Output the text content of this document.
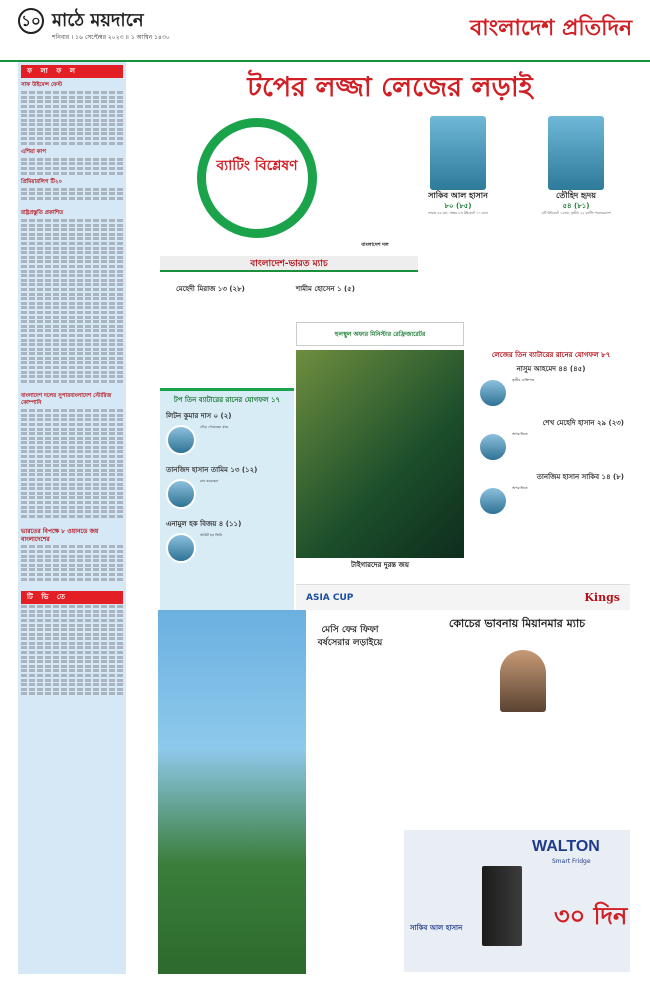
১০ মাঠে ময়দানে
শনিবার । ১৬ সেপ্টেম্বর ২০২৩ ॥ ১ আশ্বিন ১৪৩০	বাংলাদেশ প্রতিদিন
ফ লা ফ ল
সাফ উইমেন্স ফেস্ট
এশিয়া কাপ
প্রিমিয়ারলিগ টি২০
রাষ্ট্রপ্রস্তুতি প্রকাশিত
বাংলাদেশ দলের সুপারবাংলাদেশ স্টোরিজ কোম্পানি
ভারতের বিপক্ষে ৮ ওয়ানডে জয় বাংলাদেশের
টি ভি তে
টপের লজ্জা লেজের লড়াই
ব্যাটিং বিশ্লেষণ
সাকিব আল হাসান
৮০ (৮৫)
ভারত ৫৬ রান, অক্ষর ৮৩ উইকেটে ১০ রানে
তৌহিদ হৃদয়
৫৪ (৮১)
৪টি উইকেটে ১৫তম, তৃতীয় ২২ ব্যাটিং পারফরম্যান্স
বাংলাদেশ দল
বাংলাদেশ-ভারত ম্যাচ
মেহেদী মিরাজ ১৩ (২৮)	শামীম হোসেন ১ (৫)
হুলস্থুল অফার মিনিস্টার রেফ্রিজারেটর
টপ তিন ব্যাটারের রানের যোগফল ১৭
লিটন কুমার দাস ০ (২)
দৌড় পেয়েছেন মাত্র
তানজিদ হাসান তামিম ১৩ (১২)
রান করেছেন
এনামুল হক বিজয় ৪ (১১)
আউট হন তিনি
টাইগারদের দুরন্ত জয়
লেজের তিন ব্যাটারের রানের যোগফল ৮৭
নাসুম আহমেদ ৪৪ (৪৫)
তৃতীয় ব্যক্তিগত
শেখ মেহেদি হাসান ২৯ (২৩)
অপরাজিত
তানজিম হাসান সাকিব ১৪ (৮)
অপরাজিত
ASIA CUP	Kings
মেসি ফের ফিফা বর্ষসেরার লড়াইয়ে
কোচের ভাবনায় মিয়ানমার ম্যাচ
WALTON
Smart Fridge
৩০ দিন
সাকিব আল হাসান
